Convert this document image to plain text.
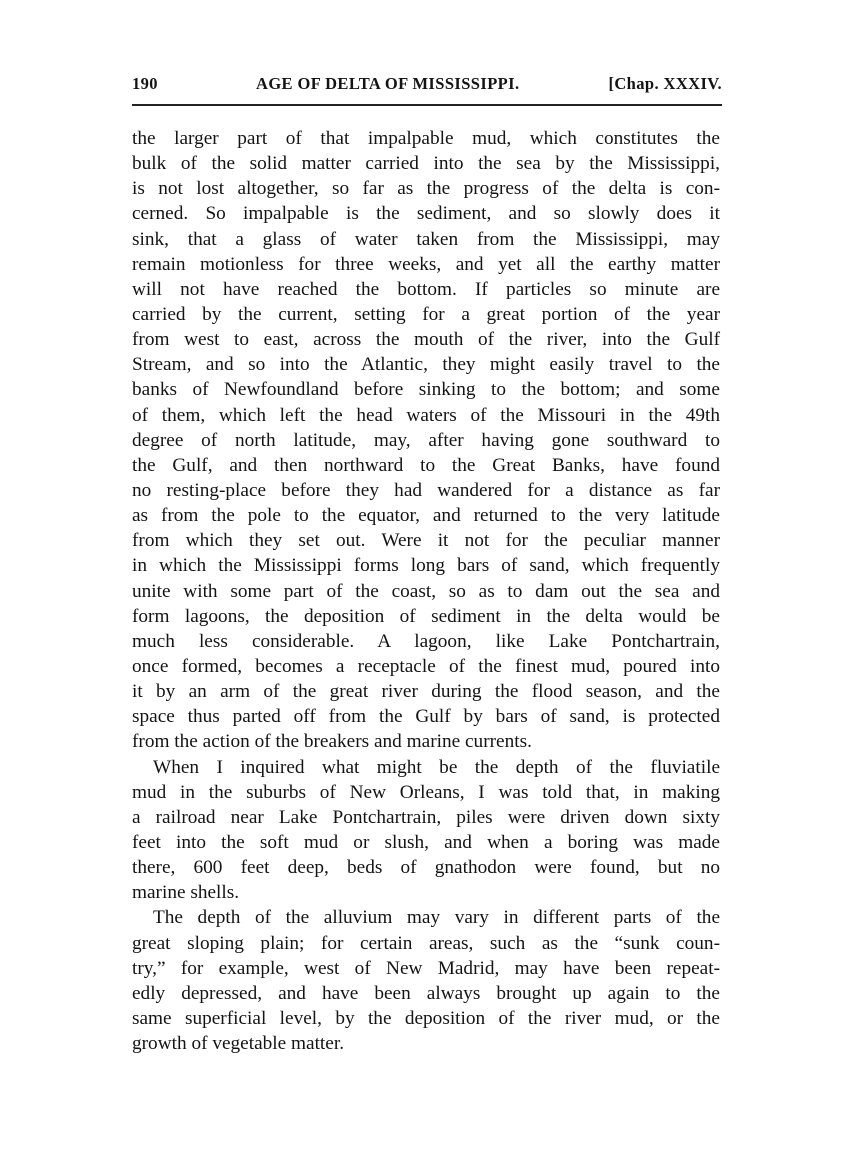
190	AGE OF DELTA OF MISSISSIPPI.	[Chap. XXXIV.
the larger part of that impalpable mud, which constitutes the
bulk of the solid matter carried into the sea by the Mississippi,
is not lost altogether, so far as the progress of the delta is con-
cerned. So impalpable is the sediment, and so slowly does it
sink, that a glass of water taken from the Mississippi, may
remain motionless for three weeks, and yet all the earthy matter
will not have reached the bottom. If particles so minute are
carried by the current, setting for a great portion of the year
from west to east, across the mouth of the river, into the Gulf
Stream, and so into the Atlantic, they might easily travel to the
banks of Newfoundland before sinking to the bottom; and some
of them, which left the head waters of the Missouri in the 49th
degree of north latitude, may, after having gone southward to
the Gulf, and then northward to the Great Banks, have found
no resting-place before they had wandered for a distance as far
as from the pole to the equator, and returned to the very latitude
from which they set out. Were it not for the peculiar manner
in which the Mississippi forms long bars of sand, which frequently
unite with some part of the coast, so as to dam out the sea and
form lagoons, the deposition of sediment in the delta would be
much less considerable. A lagoon, like Lake Pontchartrain,
once formed, becomes a receptacle of the finest mud, poured into
it by an arm of the great river during the flood season, and the
space thus parted off from the Gulf by bars of sand, is protected
from the action of the breakers and marine currents.
When I inquired what might be the depth of the fluviatile
mud in the suburbs of New Orleans, I was told that, in making
a railroad near Lake Pontchartrain, piles were driven down sixty
feet into the soft mud or slush, and when a boring was made
there, 600 feet deep, beds of gnathodon were found, but no
marine shells.
The depth of the alluvium may vary in different parts of the
great sloping plain; for certain areas, such as the “sunk coun-
try,” for example, west of New Madrid, may have been repeat-
edly depressed, and have been always brought up again to the
same superficial level, by the deposition of the river mud, or the
growth of vegetable matter.
